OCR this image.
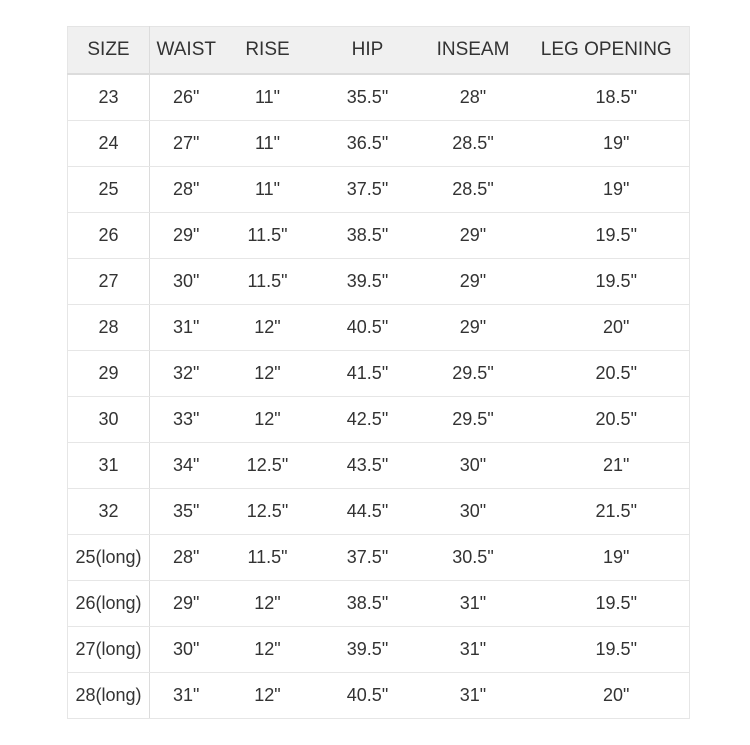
SIZE	WAIST	RISE	HIP	INSEAM	LEG OPENING
23	26"	11"	35.5"	28"	18.5"
24	27"	11"	36.5"	28.5"	19"
25	28"	11"	37.5"	28.5"	19"
26	29"	11.5"	38.5"	29"	19.5"
27	30"	11.5"	39.5"	29"	19.5"
28	31"	12"	40.5"	29"	20"
29	32"	12"	41.5"	29.5"	20.5"
30	33"	12"	42.5"	29.5"	20.5"
31	34"	12.5"	43.5"	30"	21"
32	35"	12.5"	44.5"	30"	21.5"
25(long)	28"	11.5"	37.5"	30.5"	19"
26(long)	29"	12"	38.5"	31"	19.5"
27(long)	30"	12"	39.5"	31"	19.5"
28(long)	31"	12"	40.5"	31"	20"
